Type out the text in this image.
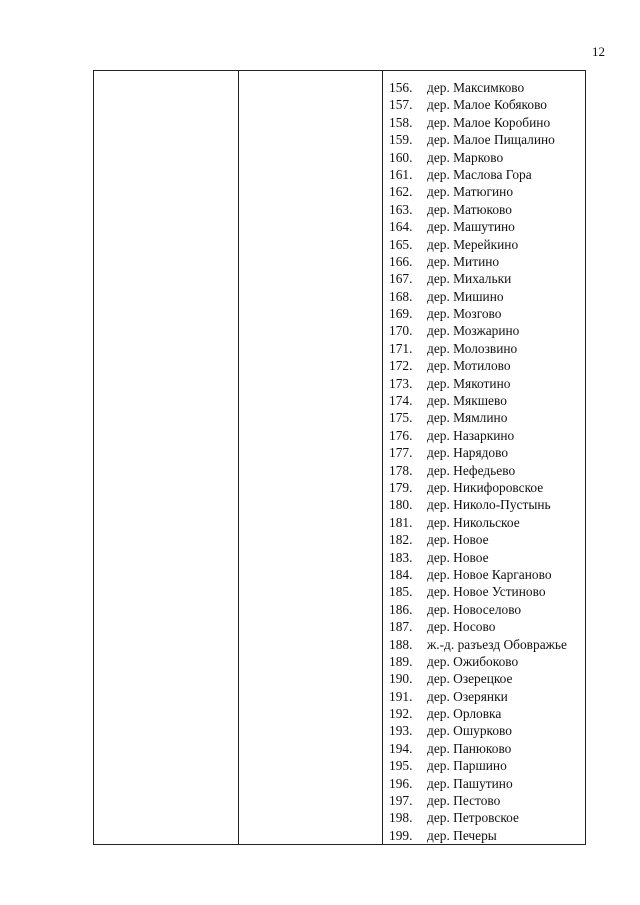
12
156.	дер. Максимково
157.	дер. Малое Кобяково
158.	дер. Малое Коробино
159.	дер. Малое Пищалино
160.	дер. Марково
161.	дер. Маслова Гора
162.	дер. Матюгино
163.	дер. Матюково
164.	дер. Машутино
165.	дер. Мерейкино
166.	дер. Митино
167.	дер. Михальки
168.	дер. Мишино
169.	дер. Мозгово
170.	дер. Мозжарино
171.	дер. Молозвино
172.	дер. Мотилово
173.	дер. Мякотино
174.	дер. Мякшево
175.	дер. Мямлино
176.	дер. Назаркино
177.	дер. Нарядово
178.	дер. Нефедьево
179.	дер. Никифоровское
180.	дер. Николо-Пустынь
181.	дер. Никольское
182.	дер. Новое
183.	дер. Новое
184.	дер. Новое Карганово
185.	дер. Новое Устиново
186.	дер. Новоселово
187.	дер. Носово
188.	ж.-д. разъезд Обовражье
189.	дер. Ожибоково
190.	дер. Озерецкое
191.	дер. Озерянки
192.	дер. Орловка
193.	дер. Ошурково
194.	дер. Панюково
195.	дер. Паршино
196.	дер. Пашутино
197.	дер. Пестово
198.	дер. Петровское
199.	дер. Печеры
